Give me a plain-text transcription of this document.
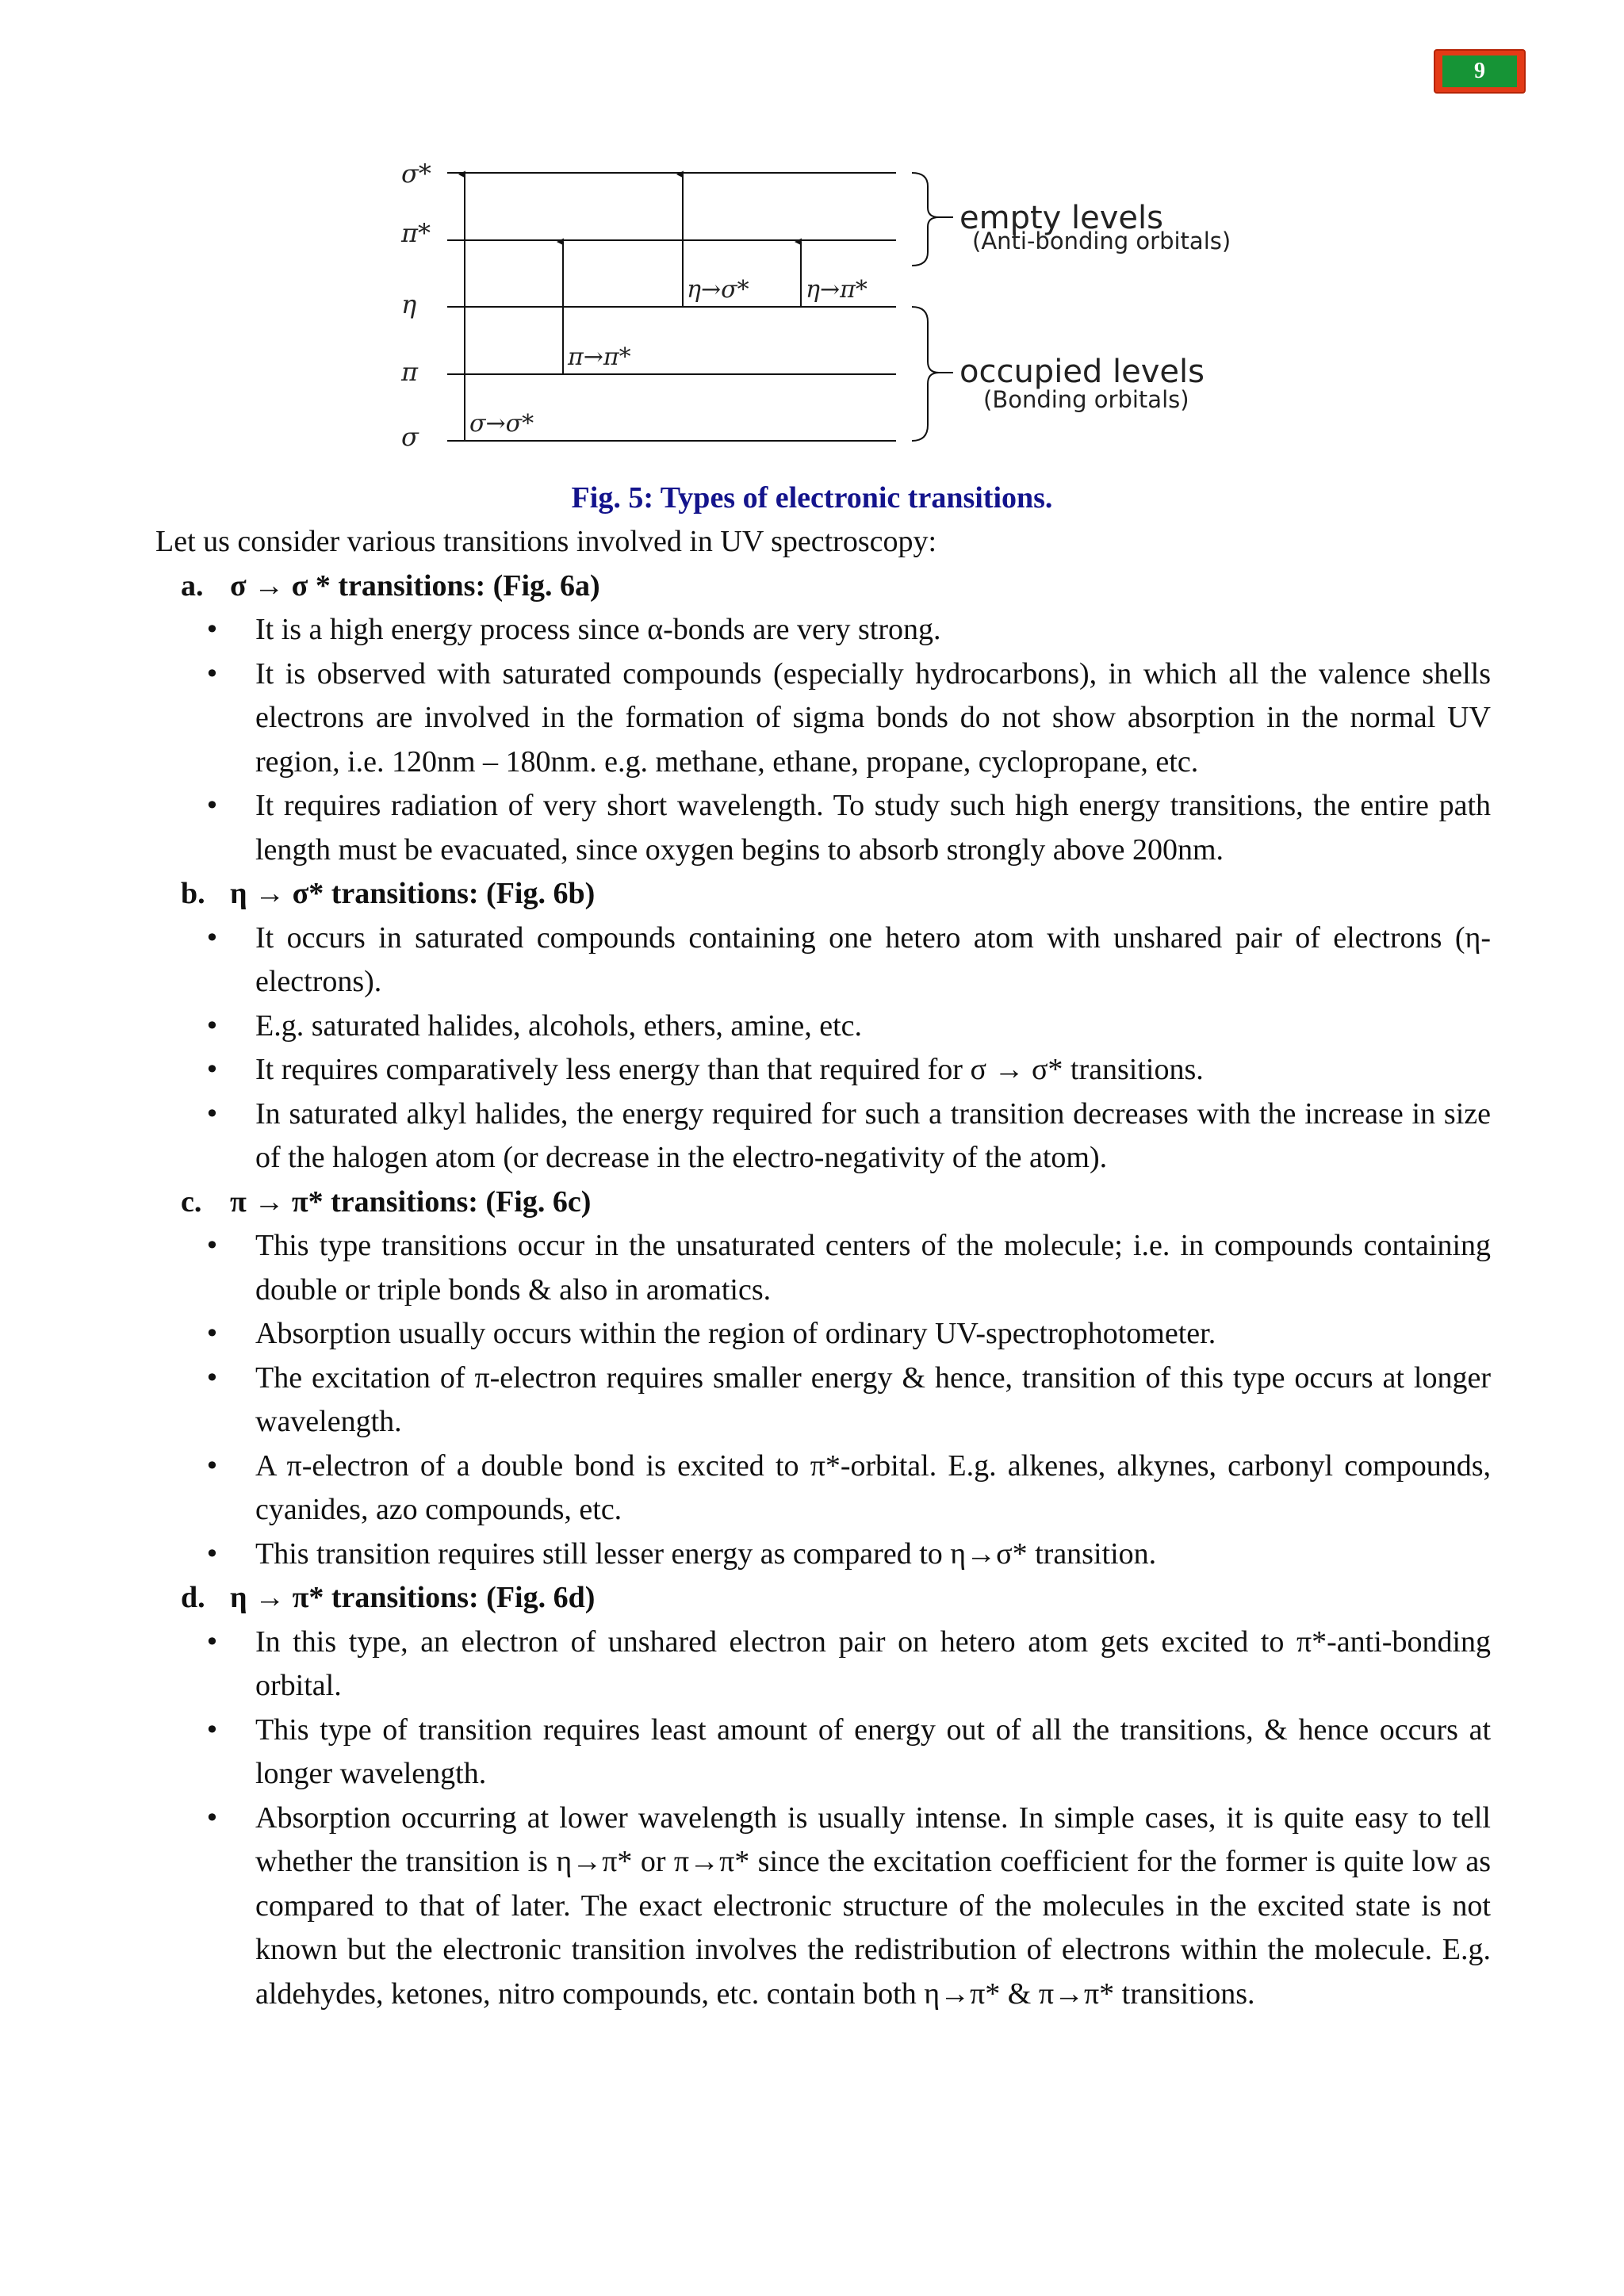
9
σ*
π*
η
π
σ σ→σ*
π→π*
η→σ* η→π*
empty levels
(Anti-bonding orbitals)
occupied levels
(Bonding orbitals)
Fig. 5: Types of electronic transitions.

Let us consider various transitions involved in UV spectroscopy:

a. σ → σ * transitions: (Fig. 6a)
• It is a high energy process since α-bonds are very strong.
• It is observed with saturated compounds (especially hydrocarbons), in which all the valence shells electrons are involved in the formation of sigma bonds do not show absorption in the normal UV region, i.e. 120nm – 180nm. e.g. methane, ethane, propane, cyclopropane, etc.
• It requires radiation of very short wavelength. To study such high energy transitions, the entire path length must be evacuated, since oxygen begins to absorb strongly above 200nm.
b. η → σ* transitions: (Fig. 6b)
• It occurs in saturated compounds containing one hetero atom with unshared pair of electrons (η-electrons).
• E.g. saturated halides, alcohols, ethers, amine, etc.
• It requires comparatively less energy than that required for σ → σ* transitions.
• In saturated alkyl halides, the energy required for such a transition decreases with the increase in size of the halogen atom (or decrease in the electro-negativity of the atom).
c. π → π* transitions: (Fig. 6c)
• This type transitions occur in the unsaturated centers of the molecule; i.e. in compounds containing double or triple bonds & also in aromatics.
• Absorption usually occurs within the region of ordinary UV-spectrophotometer.
• The excitation of π-electron requires smaller energy & hence, transition of this type occurs at longer wavelength.
• A π-electron of a double bond is excited to π*-orbital. E.g. alkenes, alkynes, carbonyl compounds, cyanides, azo compounds, etc.
• This transition requires still lesser energy as compared to η→σ* transition.
d. η → π* transitions: (Fig. 6d)
• In this type, an electron of unshared electron pair on hetero atom gets excited to π*-anti-bonding orbital.
• This type of transition requires least amount of energy out of all the transitions, & hence occurs at longer wavelength.
• Absorption occurring at lower wavelength is usually intense. In simple cases, it is quite easy to tell whether the transition is η→π* or π→π* since the excitation coefficient for the former is quite low as compared to that of later. The exact electronic structure of the molecules in the excited state is not known but the electronic transition involves the redistribution of electrons within the molecule. E.g. aldehydes, ketones, nitro compounds, etc. contain both η→π* & π→π* transitions.
